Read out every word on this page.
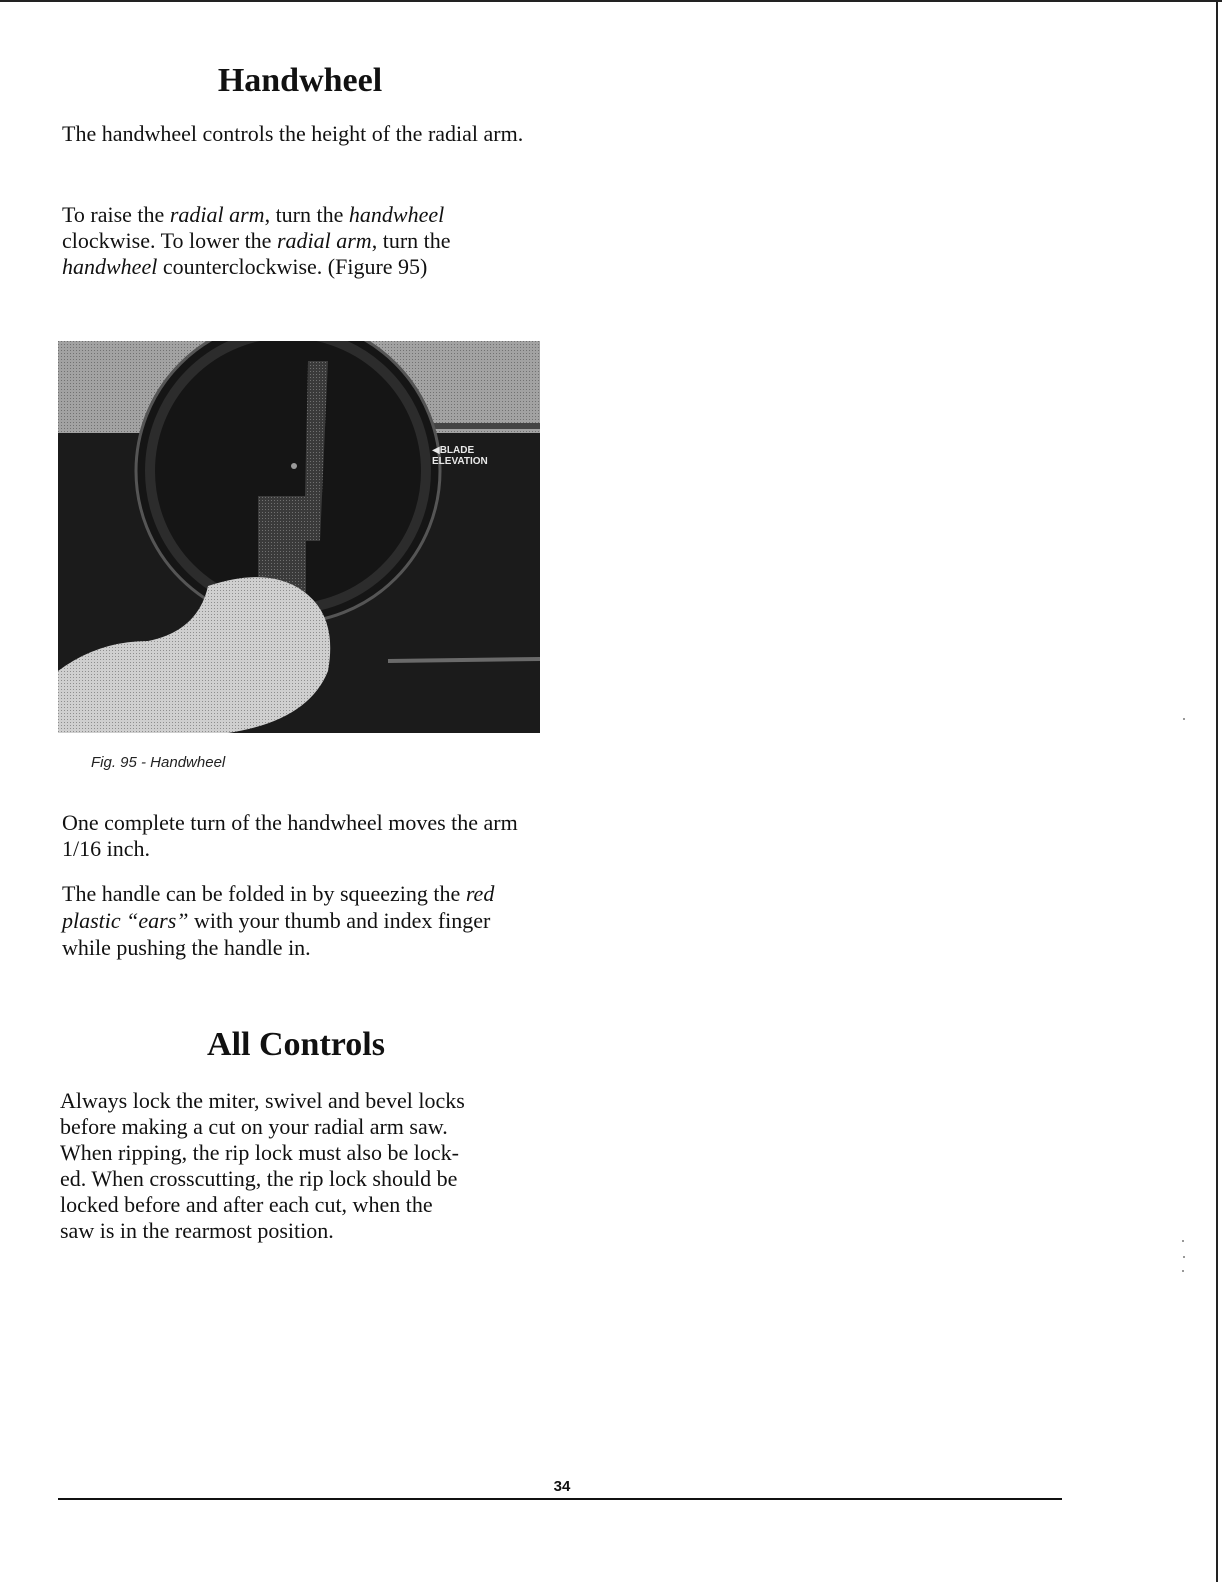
Handwheel

The handwheel controls the height of the radial arm.

To raise the radial arm, turn the handwheel clockwise. To lower the radial arm, turn the handwheel counterclockwise. (Figure 95)

◀BLADE
ELEVATION

Fig. 95 - Handwheel

One complete turn of the handwheel moves the arm 1/16 inch.

The handle can be folded in by squeezing the red plastic “ears” with your thumb and index finger while pushing the handle in.

All Controls

Always lock the miter, swivel and bevel locks
before making a cut on your radial arm saw.
When ripping, the rip lock must also be lock-
ed. When crosscutting, the rip lock should be
locked before and after each cut, when the
saw is in the rearmost position.

34
